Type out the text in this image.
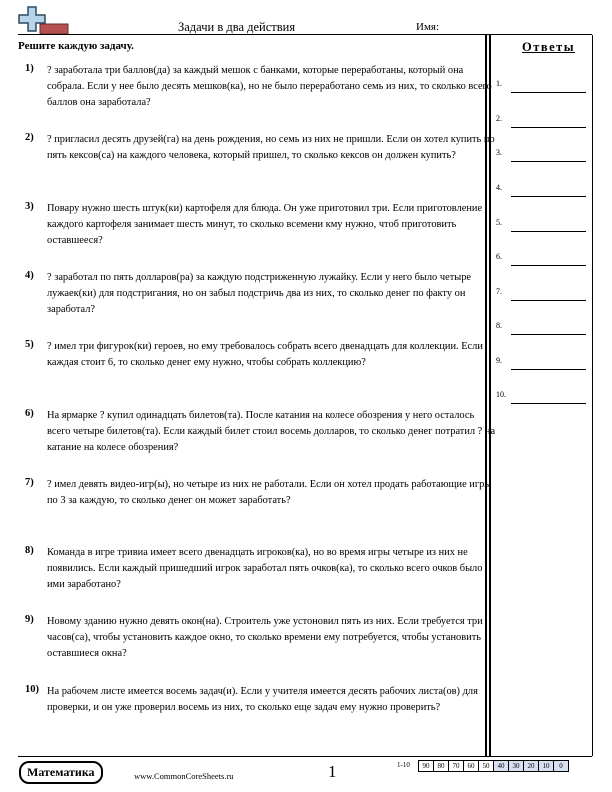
Задачи в два действия	Имя:
Решите каждую задачу.	Ответы
1.
2.
3.
4.
5.
6.
7.
8.
9.
10.
1) ? заработала три баллов(да) за каждый мешок с банками, которые переработаны, который она собрала. Если у нее было десять мешков(ка), но не было переработано семь из них, то сколько всего баллов она заработала?
2) ? пригласил десять друзей(га) на день рождения, но семь из них не пришли. Если он хотел купить по пять кексов(са) на каждого человека, который пришел, то сколько кексов он должен купить?
3) Повару нужно шесть штук(ки) картофеля для блюда. Он уже приготовил три. Если приготовление каждого картофеля занимает шесть минут, то сколько всемени кму нужно, чтоб приготовить оставшееся?
4) ? заработал по пять долларов(ра) за каждую подстриженную лужайку. Если у него было четыре лужаек(ки) для подстригания, но он забыл подстричь два из них, то сколько денег по факту он заработал?
5) ? имел три фигурок(ки) героев, но ему требовалось собрать всего двенадцать для коллекции. Если каждая стоит 6, то сколько денег ему нужно, чтобы собрать коллекцию?
6) На ярмарке ? купил одинадцать билетов(та). После катания на колесе обозрения у него осталось всего четыре билетов(та). Если каждый билет стоил восемь долларов, то сколько денег потратил ? на катание на колесе обозрения?
7) ? имел девять видео-игр(ы), но четыре из них не работали. Если он хотел продать работающие игры по 3 за каждую, то сколько денег он может заработать?
8) Команда в игре тривиа имеет всего двенадцать игроков(ка), но во время игры четыре из них не появились. Если каждый пришедший игрок заработал пять очков(ка), то сколько всего очков было ими заработано?
9) Новому зданию нужно девять окон(на). Строитель уже устоновил пять из них. Если требуется три часов(са), чтобы установить каждое окно, то сколько времени ему потребуется, чтобы установить оставшиеся окна?
10) На рабочем листе имеется восемь задач(и). Если у учителя имеется десять рабочих листа(ов) для проверки, и он уже проверил восемь из них, то сколько еще задач ему нужно проверить?
Математика	www.CommonCoreSheets.ru	1	1-10	90	80	70	60	50	40	30	20	10	0
